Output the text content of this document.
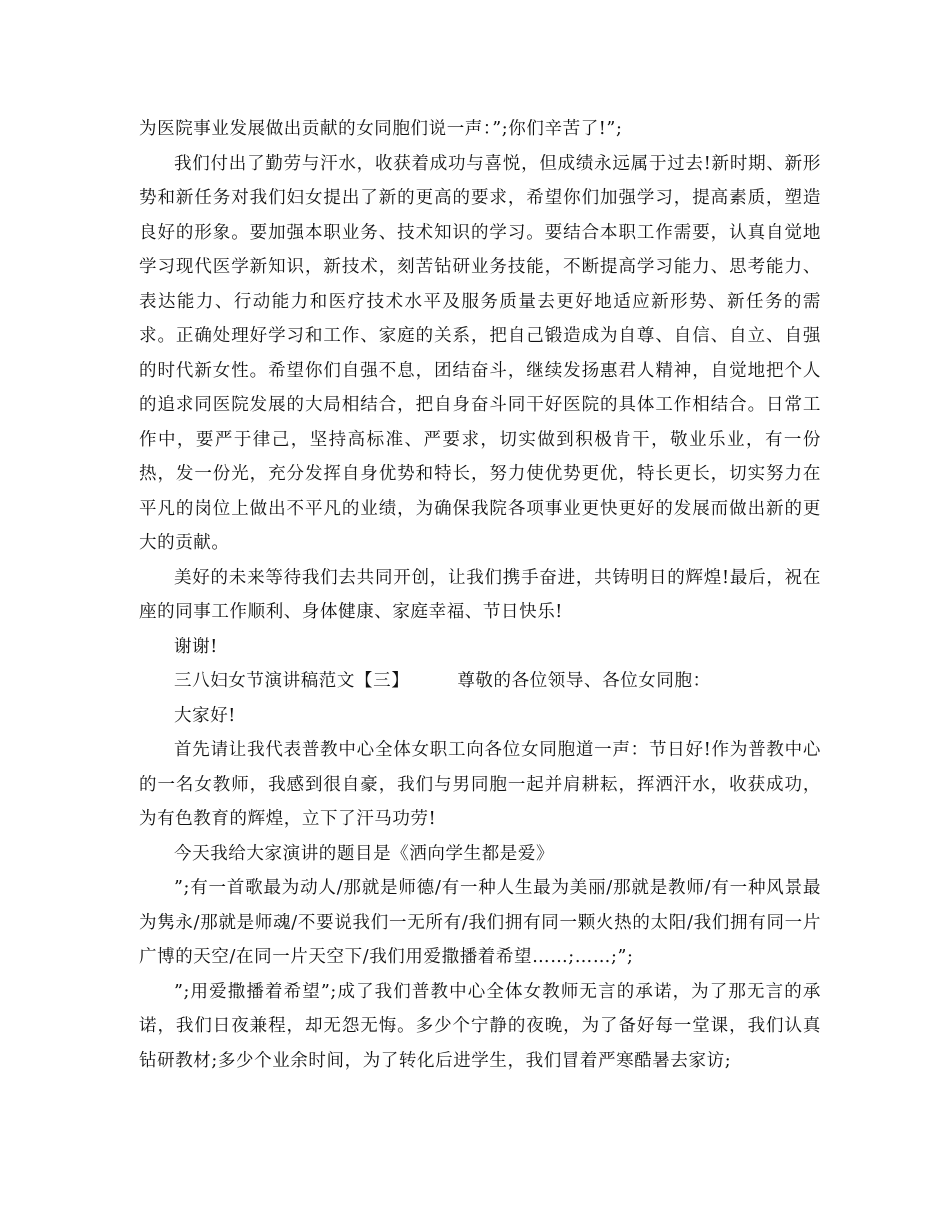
为医院事业发展做出贡献的女同胞们说一声：”;你们辛苦了!”;

我们付出了勤劳与汗水，收获着成功与喜悦，但成绩永远属于过去!新时期、新形势和新任务对我们妇女提出了新的更高的要求，希望你们加强学习，提高素质，塑造良好的形象。要加强本职业务、技术知识的学习。要结合本职工作需要，认真自觉地学习现代医学新知识，新技术，刻苦钻研业务技能，不断提高学习能力、思考能力、表达能力、行动能力和医疗技术水平及服务质量去更好地适应新形势、新任务的需求。正确处理好学习和工作、家庭的关系，把自己锻造成为自尊、自信、自立、自强的时代新女性。希望你们自强不息，团结奋斗，继续发扬惠君人精神，自觉地把个人的追求同医院发展的大局相结合，把自身奋斗同干好医院的具体工作相结合。日常工作中，要严于律己，坚持高标准、严要求，切实做到积极肯干，敬业乐业，有一份热，发一份光，充分发挥自身优势和特长，努力使优势更优，特长更长，切实努力在平凡的岗位上做出不平凡的业绩，为确保我院各项事业更快更好的发展而做出新的更大的贡献。

美好的未来等待我们去共同开创，让我们携手奋进，共铸明日的辉煌!最后，祝在座的同事工作顺利、身体健康、家庭幸福、节日快乐!

谢谢!

三八妇女节演讲稿范文【三】	尊敬的各位领导、各位女同胞：

大家好!

首先请让我代表普教中心全体女职工向各位女同胞道一声：节日好!作为普教中心的一名女教师，我感到很自豪，我们与男同胞一起并肩耕耘，挥洒汗水，收获成功，为有色教育的辉煌，立下了汗马功劳!

今天我给大家演讲的题目是《洒向学生都是爱》

”;有一首歌最为动人/那就是师德/有一种人生最为美丽/那就是教师/有一种风景最为隽永/那就是师魂/不要说我们一无所有/我们拥有同一颗火热的太阳/我们拥有同一片广博的天空/在同一片天空下/我们用爱撒播着希望……;……;”;

”;用爱撒播着希望”;成了我们普教中心全体女教师无言的承诺，为了那无言的承诺，我们日夜兼程，却无怨无悔。多少个宁静的夜晚，为了备好每一堂课，我们认真钻研教材;多少个业余时间，为了转化后进学生，我们冒着严寒酷暑去家访;
